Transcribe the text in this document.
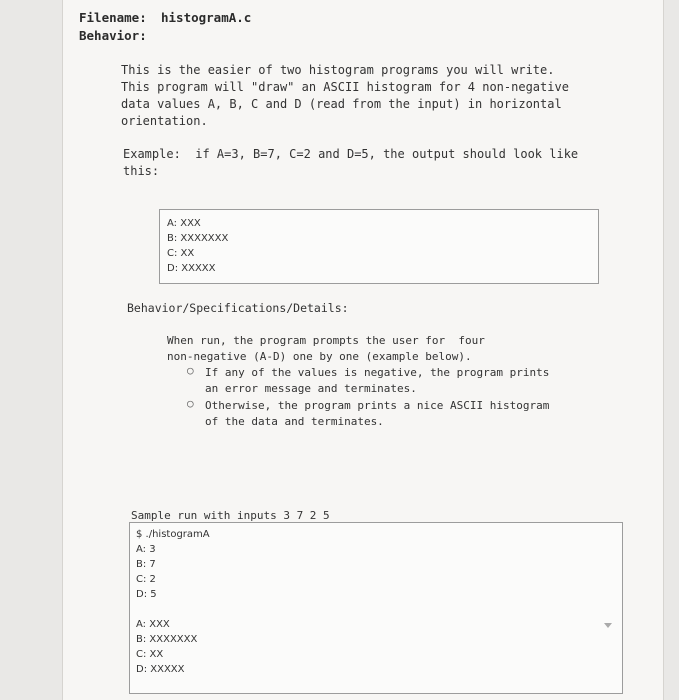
Filename: histogramA.c
Behavior:
This is the easier of two histogram programs you will write.
This program will "draw" an ASCII histogram for 4 non-negative
data values A, B, C and D (read from the input) in horizontal
orientation.
Example:  if A=3, B=7, C=2 and D=5, the output should look like
this:
A: XXX
B: XXXXXXX
C: XX
D: XXXXX
Behavior/Specifications/Details:
When run, the program prompts the user for  four
non-negative (A-D) one by one (example below).
○ If any of the values is negative, the program prints
an error message and terminates.
○ Otherwise, the program prints a nice ASCII histogram
of the data and terminates.
Sample run with inputs 3 7 2 5
$ ./histogramA
A: 3
B: 7
C: 2
D: 5
A: XXX
B: XXXXXXX
C: XX
D: XXXXX
